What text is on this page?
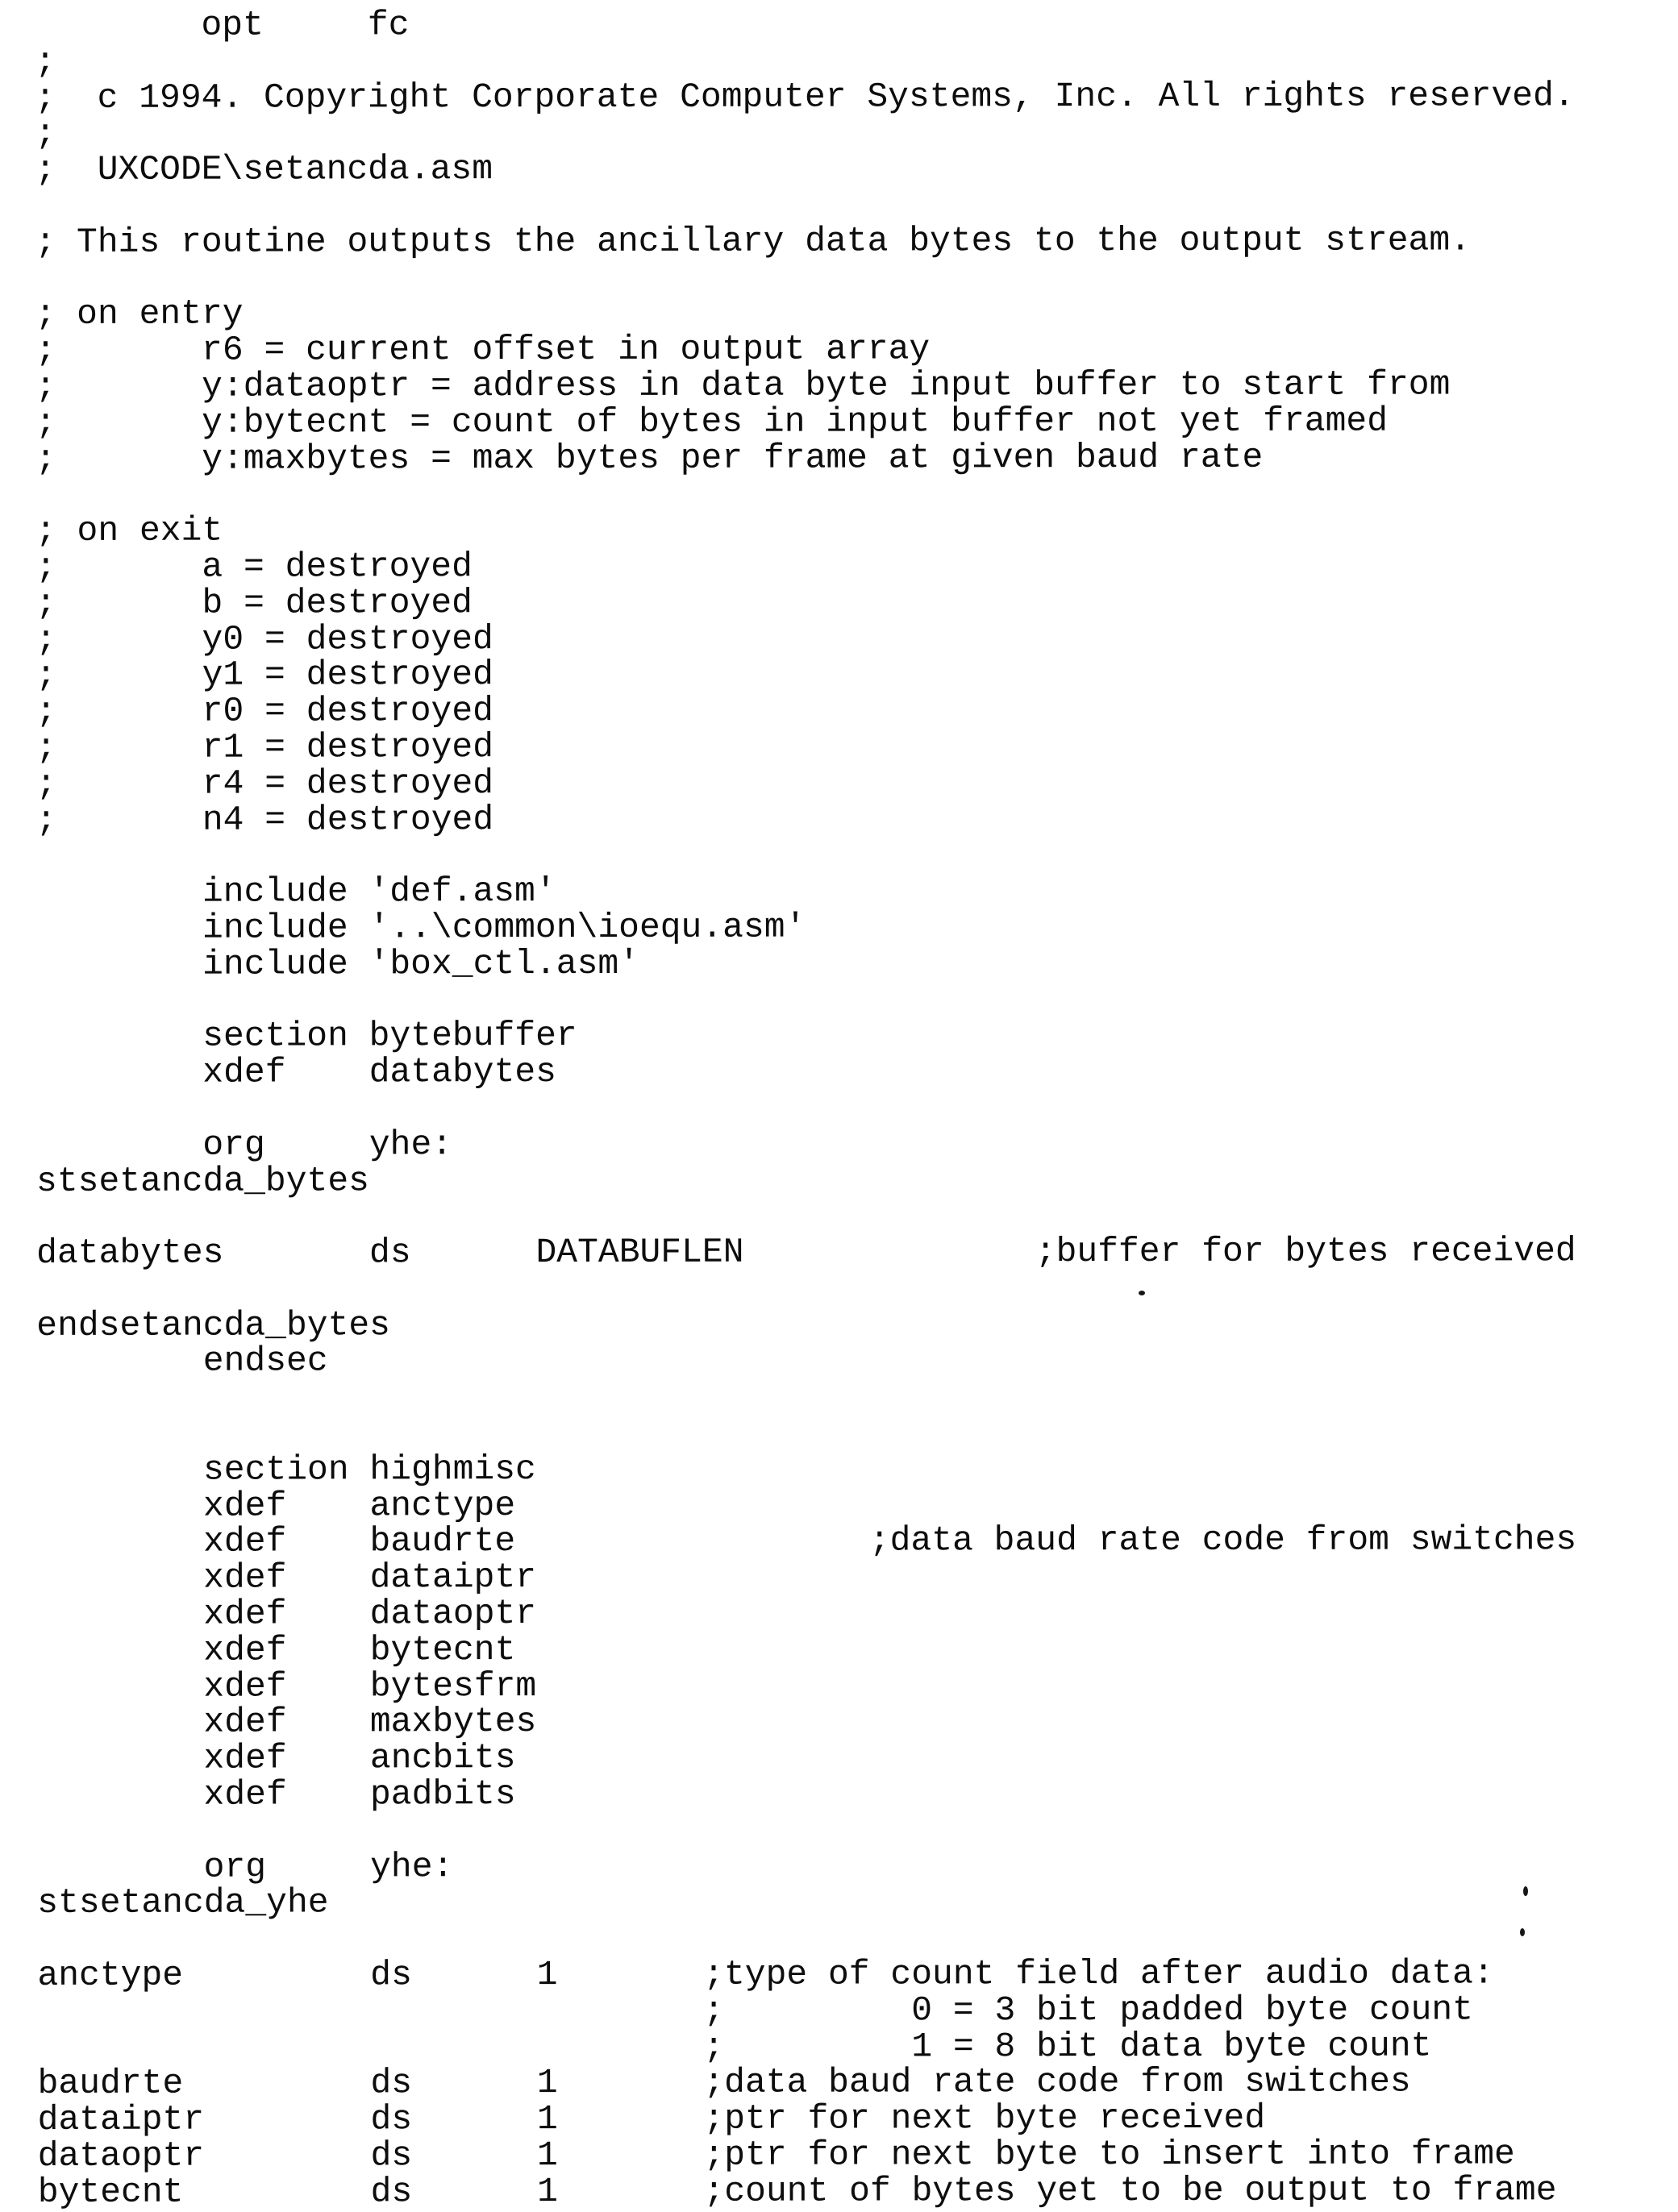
opt     fc
;
;  c 1994. Copyright Corporate Computer Systems, Inc. All rights reserved.
;
;  UXCODE\setancda.asm
; This routine outputs the ancillary data bytes to the output stream.
; on entry
;       r6 = current offset in output array
;       y:dataoptr = address in data byte input buffer to start from
;       y:bytecnt = count of bytes in input buffer not yet framed
;       y:maxbytes = max bytes per frame at given baud rate
; on exit
;       a = destroyed
;       b = destroyed
;       y0 = destroyed
;       y1 = destroyed
;       r0 = destroyed
;       r1 = destroyed
;       r4 = destroyed
;       n4 = destroyed
include 'def.asm'
include '..\common\ioequ.asm'
include 'box_ctl.asm'
section bytebuffer
xdef    databytes
org     yhe:
stsetancda_bytes
databytes       ds      DATABUFLEN              ;buffer for bytes received
endsetancda_bytes
endsec
section highmisc
xdef    anctype
xdef    baudrte                 ;data baud rate code from switches
xdef    dataiptr
xdef    dataoptr
xdef    bytecnt
xdef    bytesfrm
xdef    maxbytes
xdef    ancbits
xdef    padbits
org     yhe:
stsetancda_yhe
anctype         ds      1       ;type of count field after audio data:
;         0 = 3 bit padded byte count
;         1 = 8 bit data byte count
baudrte         ds      1       ;data baud rate code from switches
dataiptr        ds      1       ;ptr for next byte received
dataoptr        ds      1       ;ptr for next byte to insert into frame
bytecnt         ds      1       ;count of bytes yet to be output to frame
